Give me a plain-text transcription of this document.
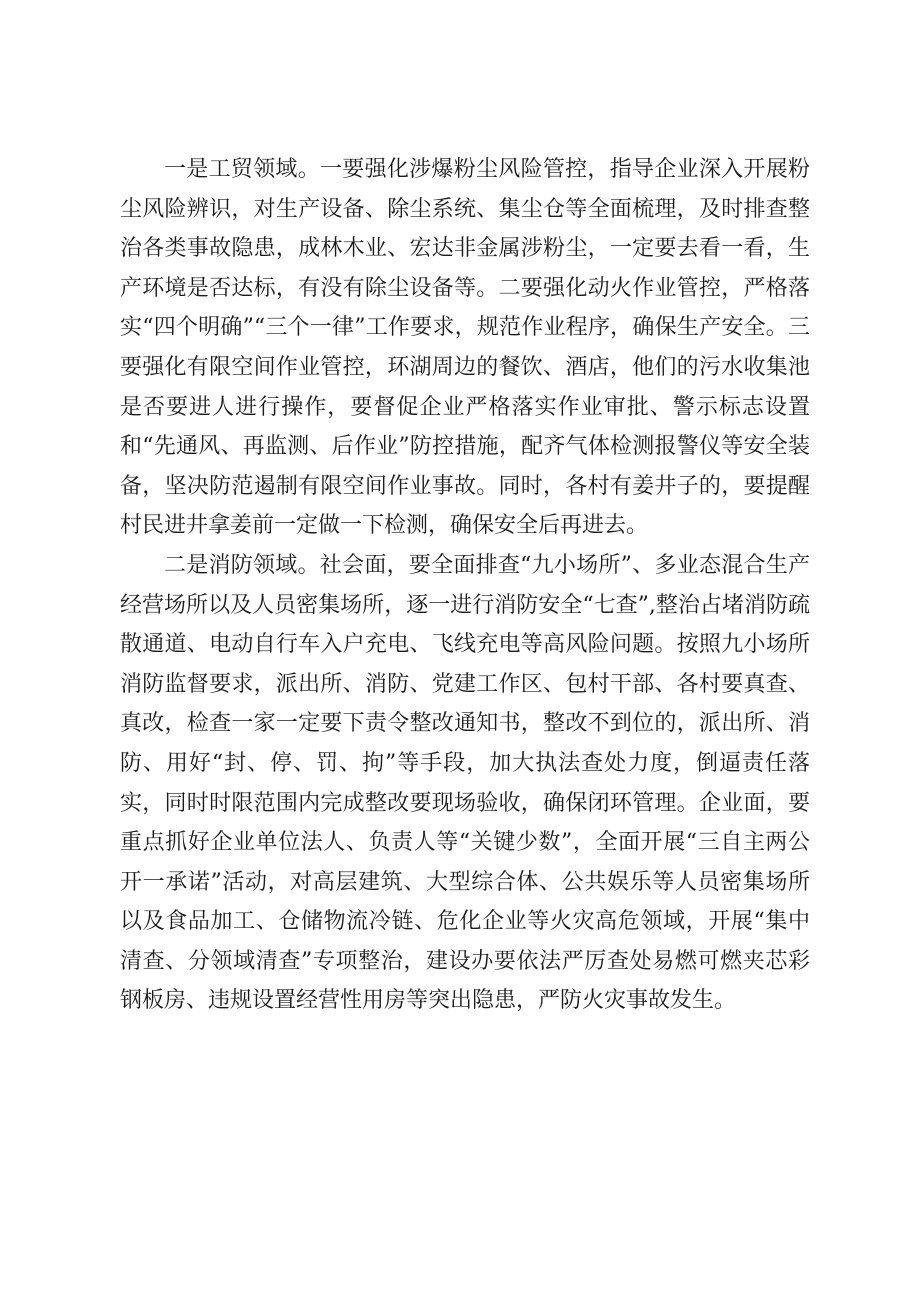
一是工贸领域。一要强化涉爆粉尘风险管控，指导企业深入开展粉尘风险辨识，对生产设备、除尘系统、集尘仓等全面梳理，及时排查整治各类事故隐患，成林木业、宏达非金属涉粉尘，一定要去看一看，生产环境是否达标，有没有除尘设备等。二要强化动火作业管控，严格落实“四个明确”“三个一律”工作要求，规范作业程序，确保生产安全。三要强化有限空间作业管控，环湖周边的餐饮、酒店，他们的污水收集池是否要进人进行操作，要督促企业严格落实作业审批、警示标志设置和“先通风、再监测、后作业”防控措施，配齐气体检测报警仪等安全装备，坚决防范遏制有限空间作业事故。同时，各村有姜井子的，要提醒村民进井拿姜前一定做一下检测，确保安全后再进去。

二是消防领域。社会面，要全面排查“九小场所”、多业态混合生产经营场所以及人员密集场所，逐一进行消防安全“七查”,整治占堵消防疏散通道、电动自行车入户充电、飞线充电等高风险问题。按照九小场所消防监督要求，派出所、消防、党建工作区、包村干部、各村要真查、真改，检查一家一定要下责令整改通知书，整改不到位的，派出所、消防、用好“封、停、罚、拘”等手段，加大执法查处力度，倒逼责任落实，同时时限范围内完成整改要现场验收，确保闭环管理。企业面，要重点抓好企业单位法人、负责人等“关键少数”，全面开展“三自主两公开一承诺”活动，对高层建筑、大型综合体、公共娱乐等人员密集场所以及食品加工、仓储物流冷链、危化企业等火灾高危领域，开展“集中清查、分领域清查”专项整治，建设办要依法严厉查处易燃可燃夹芯彩钢板房、违规设置经营性用房等突出隐患，严防火灾事故发生。
